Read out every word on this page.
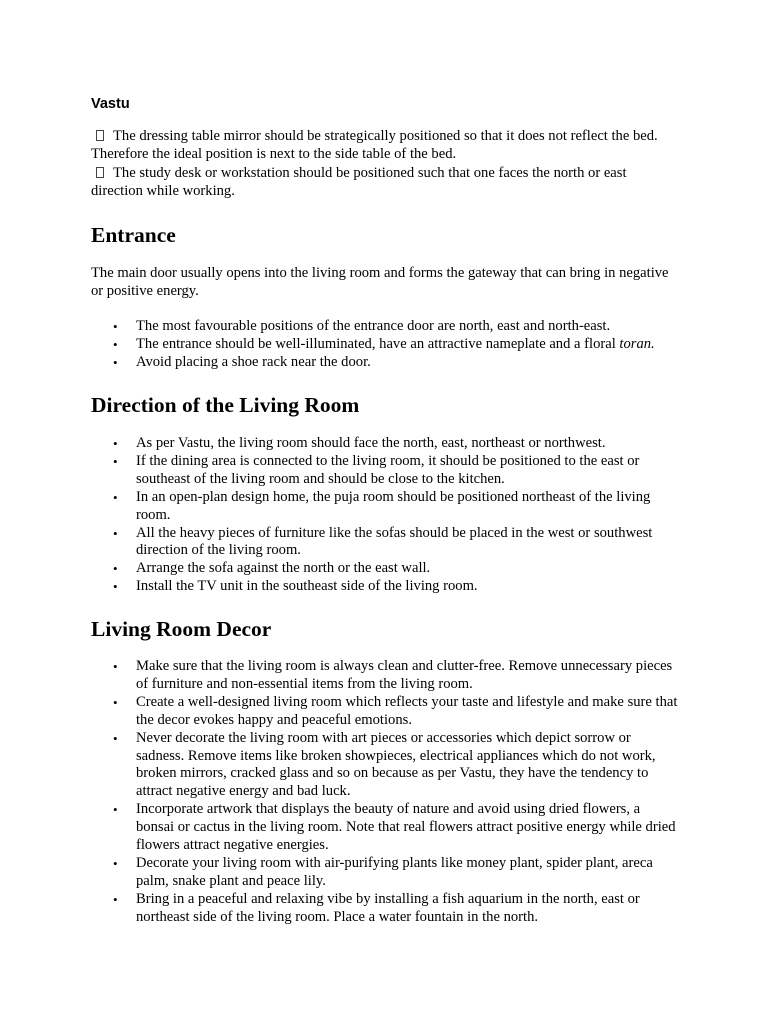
Vastu

The dressing table mirror should be strategically positioned so that it does not reflect the bed. Therefore the ideal position is next to the side table of the bed.

The study desk or workstation should be positioned such that one faces the north or east direction while working.

Entrance

The main door usually opens into the living room and forms the gateway that can bring in negative or positive energy.

• The most favourable positions of the entrance door are north, east and north-east.
• The entrance should be well-illuminated, have an attractive nameplate and a floral toran.
• Avoid placing a shoe rack near the door.
Direction of the Living Room
• As per Vastu, the living room should face the north, east, northeast or northwest.
• If the dining area is connected to the living room, it should be positioned to the east or southeast of the living room and should be close to the kitchen.
• In an open-plan design home, the puja room should be positioned northeast of the living room.
• All the heavy pieces of furniture like the sofas should be placed in the west or southwest direction of the living room.
• Arrange the sofa against the north or the east wall.
• Install the TV unit in the southeast side of the living room.
Living Room Decor
• Make sure that the living room is always clean and clutter-free. Remove unnecessary pieces of furniture and non-essential items from the living room.
• Create a well-designed living room which reflects your taste and lifestyle and make sure that the decor evokes happy and peaceful emotions.
• Never decorate the living room with art pieces or accessories which depict sorrow or sadness. Remove items like broken showpieces, electrical appliances which do not work, broken mirrors, cracked glass and so on because as per Vastu, they have the tendency to attract negative energy and bad luck.
• Incorporate artwork that displays the beauty of nature and avoid using dried flowers, a bonsai or cactus in the living room. Note that real flowers attract positive energy while dried flowers attract negative energies.
• Decorate your living room with air-purifying plants like money plant, spider plant, areca palm, snake plant and peace lily.
• Bring in a peaceful and relaxing vibe by installing a fish aquarium in the north, east or northeast side of the living room. Place a water fountain in the north.
